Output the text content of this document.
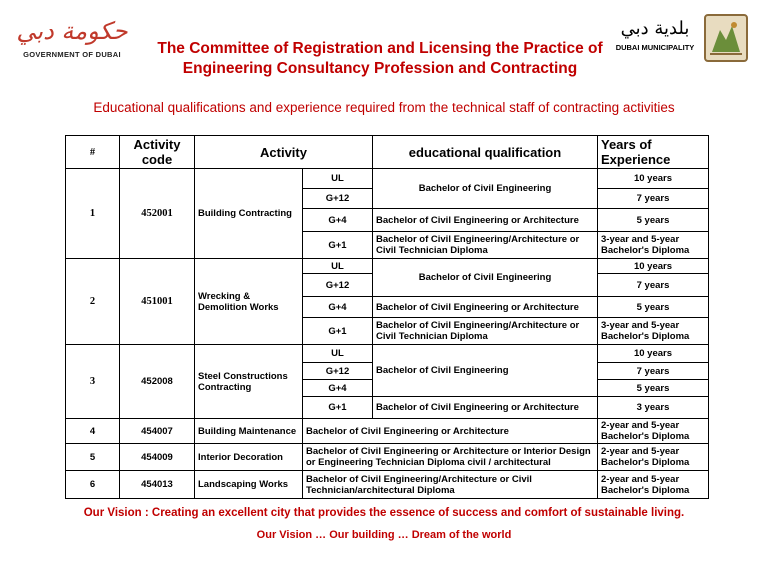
حكومة دبي
GOVERNMENT OF DUBAI
بلدية دبي
DUBAI MUNICIPALITY
The Committee of Registration and Licensing the Practice of
Engineering Consultancy Profession and Contracting
Educational qualifications and experience required from the technical staff of contracting activities
#	Activity code	Activity		educational qualification	Years of Experience
1	452001	Building Contracting	UL	Bachelor of Civil Engineering	10 years
			G+12		7 years
			G+4	Bachelor of Civil Engineering or Architecture	5 years
			G+1	Bachelor of Civil Engineering/Architecture or Civil Technician Diploma	3-year and 5-year Bachelor's Diploma
2	451001	Wrecking & Demolition Works	UL	Bachelor of Civil Engineering	10 years
			G+12		7 years
			G+4	Bachelor of Civil Engineering or Architecture	5 years
			G+1	Bachelor of Civil Engineering/Architecture or Civil Technician Diploma	3-year and 5-year Bachelor's Diploma
3	452008	Steel Constructions Contracting	UL	Bachelor of Civil Engineering	10 years
			G+12		7 years
			G+4		5 years
			G+1	Bachelor of Civil Engineering or Architecture	3 years
4	454007	Building Maintenance	Bachelor of Civil Engineering or Architecture		2-year and 5-year Bachelor's Diploma
5	454009	Interior Decoration	Bachelor of Civil Engineering or Architecture or Interior Design or Engineering Technician Diploma civil / architectural		2-year and 5-year Bachelor's Diploma
6	454013	Landscaping Works	Bachelor of Civil Engineering/Architecture or Civil Technician/architectural Diploma		2-year and 5-year Bachelor's Diploma
Our Vision : Creating an excellent city that provides the essence of success and comfort of sustainable living.
Our Vision … Our building … Dream of the world
